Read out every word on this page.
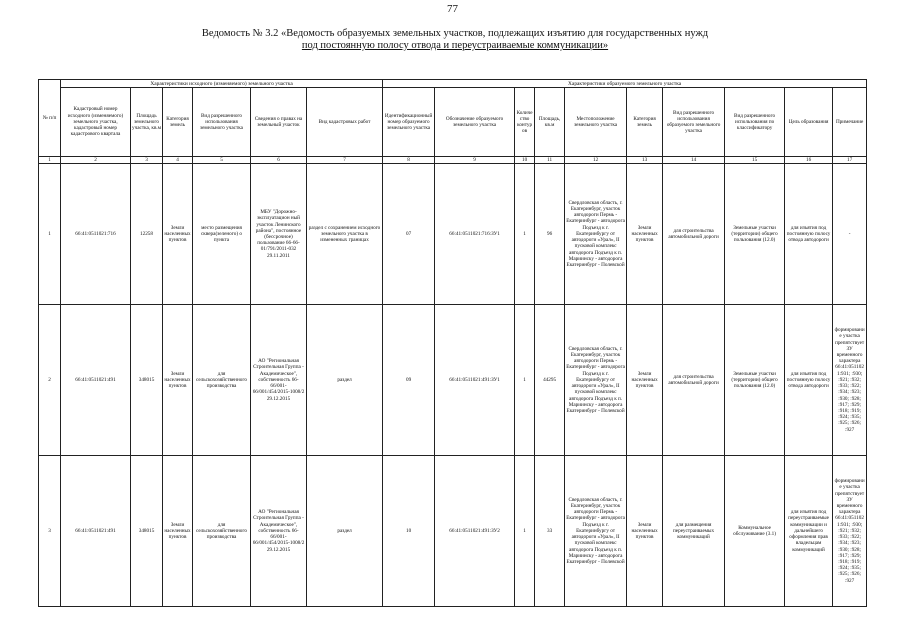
77
Ведомость № 3.2 «Ведомость образуемых земельных участков, подлежащих изъятию для государственных нужд
под постоянную полосу отвода и переустраиваемые коммуникации»
№ п/п	Характеристики исходного (изменяемого) земельного участка						Характеристики образуемого земельного участка									
	Кадастровый номер исходного (изменяемого) земельного участка, кадастровый номер кадастрового квартала	Площадь земельного участка, кв.м	Категория земель	Вид разрешенного использования земельного участка	Сведения о правах на земельный участок	Вид кадастровых работ	Идентификационный номер образуемого земельного участка	Обозначение образуемого земельного участка	Количество контуров	Площадь, кв.м	Местоположение земельного участка	Категория земель	Вид разрешенного использования образуемого земельного участка	Вид разрешенного использования по классификатору	Цель образования	Примечание
1	2	3	4	5	6	7	8	9	10	11	12	13	14	15	16	17
1	66:41:0511021:716	12258	Земли населенных пунктов	место размещения сквера(зеленого) о пункта	МБУ "Дорожно-эксплуатацион ный участок Ленинского района", постоянное (бессрочное) пользование 66-66-01/791/2011-032 29.11.2011	раздел с сохранением исходного земельного участка в измененных границах	07	66:41:0511021:716:ЗУ1	1	96	Свердловская область, г. Екатеринбург, участок автодороги Пермь - Екатеринбург - автодорога Подъезд к г. Екатеринбургу от автодороги «Урал», II пусковой комплекс автодорога Подъезд к п. Мариинску - автодорога Екатеринбург - Полевской	Земли населенных пунктов	для строительства автомобильной дороги	Земельные участки (территории) общего пользования (12.0)	для изъятия под постоянную полосу отвода автодороги	-
2	66:41:0511021:491	348015	Земли населенных пунктов	для сельскохозяйственного производства	АО "Региональная Строительная Группа - Академическое", собственность 66-66/001-66/001/454/2015-1008/2 29.12.2015	раздел	09	66:41:0511021:491:ЗУ1	1	44295	Свердловская область, г. Екатеринбург, участок автодороги Пермь - Екатеринбург - автодорога Подъезд к г. Екатеринбургу от автодороги «Урал», II пусковой комплекс автодорога Подъезд к п. Мариинску - автодорога Екатеринбург - Полевской	Земли населенных пунктов	для строительства автомобильной дороги	Земельные участки (территории) общего пользования (12.0)	для изъятия под постоянную полосу отвода автодороги	формирование участка препятствует ЗУ временного характера 66:41:0511021:931; :930; :921; :932; :933; :922; :934; :923; :930; :928; :917; :929; :918; :919; :924; :935; :925; :926; :927
3	66:41:0511021:491	348015	Земли населенных пунктов	для сельскохозяйственного производства	АО "Региональная Строительная Группа - Академическое", собственность 66-66/001-66/001/454/2015-1008/2 29.12.2015	раздел	10	66:41:0511021:491:ЗУ2	1	33	Свердловская область, г. Екатеринбург, участок автодороги Пермь - Екатеринбург - автодорога Подъезд к г. Екатеринбургу от автодороги «Урал», II пусковой комплекс автодорога Подъезд к п. Мариинску - автодорога Екатеринбург - Полевской	Земли населенных пунктов	для размещения переустраиваемых коммуникаций	Коммунальное обслуживание (3.1)	для изъятия под переустраиваемые коммуникации и дальнейшего оформления прав владельцам коммуникаций	формирование участка препятствует ЗУ временного характера 66:41:0511021:931; :930; :921; :932; :933; :922; :934; :923; :930; :928; :917; :929; :918; :919; :924; :935; :925; :926; :927
